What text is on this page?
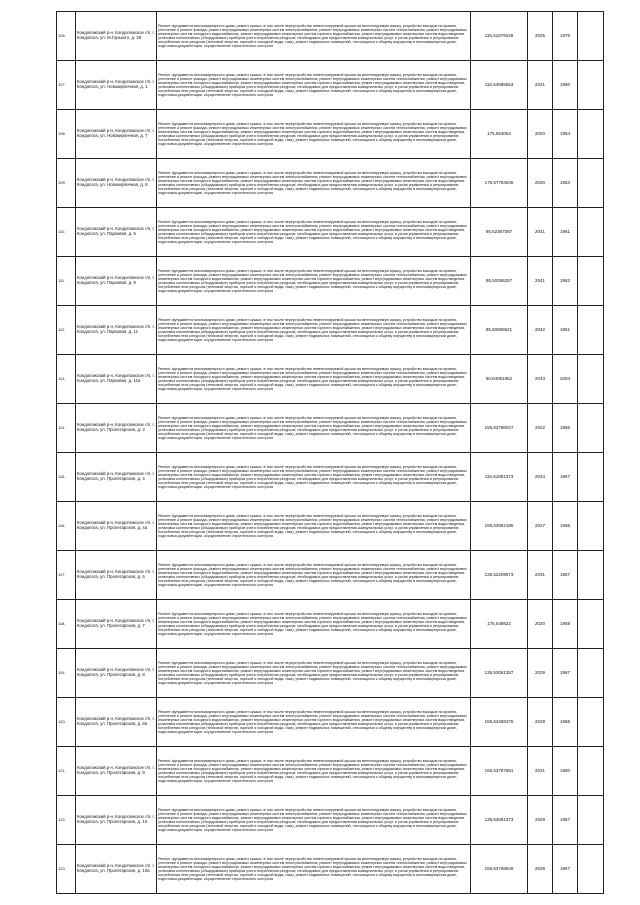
106.	Кондопожский р-н, Кондопожское г/п, г. Кондопога, ул. М.Горького, д. 29	Ремонт фундамента многоквартирного дома, ремонт крыши, в том числе переустройство невентилируемой крыши на вентилируемую крышу, устройство выходов на кровлю, утепление и ремонт фасада, ремонт внутридомовых инженерных систем электроснабжения, ремонт внутридомовых инженерных систем теплоснабжения, ремонт внутридомовых инженерных систем холодного водоснабжения, ремонт внутридомовых инженерных систем горячего водоснабжения, ремонт внутридомовых инженерных систем водоотведения, установка коллективных (общедомовых) приборов учета потребления ресурсов, необходимых для предоставления коммунальных услуг, и узлов управления и регулирования потребления этих ресурсов (тепловой энергии, горячей и холодной воды, газа), ремонт подвальных помещений, относящихся к общему имуществу в многоквартирном доме, подготовка документации, осуществление строительного контроля	115,51579229	2025	1978	
107.	Кондопожский р-н, Кондопожское г/п, г. Кондопога, ул. Новокирпичная, д. 1	Ремонт фундамента многоквартирного дома, ремонт крыши, в том числе переустройство невентилируемой крыши на вентилируемую крышу, устройство выходов на кровлю, утепление и ремонт фасада, ремонт внутридомовых инженерных систем электроснабжения, ремонт внутридомовых инженерных систем теплоснабжения, ремонт внутридомовых инженерных систем холодного водоснабжения, ремонт внутридомовых инженерных систем горячего водоснабжения, ремонт внутридомовых инженерных систем водоотведения, установка коллективных (общедомовых) приборов учета потребления ресурсов, необходимых для предоставления коммунальных услуг, и узлов управления и регулирования потребления этих ресурсов (тепловой энергии, горячей и холодной воды, газа), ремонт подвальных помещений, относящихся к общему имуществу в многоквартирном доме, подготовка документации, осуществление строительного контроля	115,54965553	2021	1960	
108.	Кондопожский р-н, Кондопожское г/п, г. Кондопога, ул. Новокирпичная, д. 7	Ремонт фундамента многоквартирного дома, ремонт крыши, в том числе переустройство невентилируемой крыши на вентилируемую крышу, устройство выходов на кровлю, утепление и ремонт фасада, ремонт внутридомовых инженерных систем электроснабжения, ремонт внутридомовых инженерных систем теплоснабжения, ремонт внутридомовых инженерных систем холодного водоснабжения, ремонт внутридомовых инженерных систем горячего водоснабжения, ремонт внутридомовых инженерных систем водоотведения, установка коллективных (общедомовых) приборов учета потребления ресурсов, необходимых для предоставления коммунальных услуг, и узлов управления и регулирования потребления этих ресурсов (тепловой энергии, горячей и холодной воды, газа), ремонт подвальных помещений, относящихся к общему имуществу в многоквартирном доме, подготовка документации, осуществление строительного контроля	175,554062	2020	1954	
109.	Кондопожский р-н, Кондопожское г/п, г. Кондопога, ул. Новокирпичная, д. 8	Ремонт фундамента многоквартирного дома, ремонт крыши, в том числе переустройство невентилируемой крыши на вентилируемую крышу, устройство выходов на кровлю, утепление и ремонт фасада, ремонт внутридомовых инженерных систем электроснабжения, ремонт внутридомовых инженерных систем теплоснабжения, ремонт внутридомовых инженерных систем холодного водоснабжения, ремонт внутридомовых инженерных систем горячего водоснабжения, ремонт внутридомовых инженерных систем водоотведения, установка коллективных (общедомовых) приборов учета потребления ресурсов, необходимых для предоставления коммунальных услуг, и узлов управления и регулирования потребления этих ресурсов (тепловой энергии, горячей и холодной воды, газа), ремонт подвальных помещений, относящихся к общему имуществу в многоквартирном доме, подготовка документации, осуществление строительного контроля	175,57784649	2020	1953	
110.	Кондопожский р-н, Кондопожское г/п, г. Кондопога, ул. Парковая, д. 5	Ремонт фундамента многоквартирного дома, ремонт крыши, в том числе переустройство невентилируемой крыши на вентилируемую крышу, устройство выходов на кровлю, утепление и ремонт фасада, ремонт внутридомовых инженерных систем электроснабжения, ремонт внутридомовых инженерных систем теплоснабжения, ремонт внутридомовых инженерных систем холодного водоснабжения, ремонт внутридомовых инженерных систем горячего водоснабжения, ремонт внутридомовых инженерных систем водоотведения, установка коллективных (общедомовых) приборов учета потребления ресурсов, необходимых для предоставления коммунальных услуг, и узлов управления и регулирования потребления этих ресурсов (тепловой энергии, горячей и холодной воды, газа), ремонт подвальных помещений, относящихся к общему имуществу в многоквартирном доме, подготовка документации, осуществление строительного контроля	95,52367587	2041	1961	
111.	Кондопожский р-н, Кондопожское г/п, г. Кондопога, ул. Парковая, д. 9	Ремонт фундамента многоквартирного дома, ремонт крыши, в том числе переустройство невентилируемой крыши на вентилируемую крышу, устройство выходов на кровлю, утепление и ремонт фасада, ремонт внутридомовых инженерных систем электроснабжения, ремонт внутридомовых инженерных систем теплоснабжения, ремонт внутридомовых инженерных систем холодного водоснабжения, ремонт внутридомовых инженерных систем горячего водоснабжения, ремонт внутридомовых инженерных систем водоотведения, установка коллективных (общедомовых) приборов учета потребления ресурсов, необходимых для предоставления коммунальных услуг, и узлов управления и регулирования потребления этих ресурсов (тепловой энергии, горячей и холодной воды, газа), ремонт подвальных помещений, относящихся к общему имуществу в многоквартирном доме, подготовка документации, осуществление строительного контроля	95,50356257	2041	1962	
112.	Кондопожский р-н, Кондопожское г/п, г. Кондопога, ул. Парковая, д. 11	Ремонт фундамента многоквартирного дома, ремонт крыши, в том числе переустройство невентилируемой крыши на вентилируемую крышу, устройство выходов на кровлю, утепление и ремонт фасада, ремонт внутридомовых инженерных систем электроснабжения, ремонт внутридомовых инженерных систем теплоснабжения, ремонт внутридомовых инженерных систем холодного водоснабжения, ремонт внутридомовых инженерных систем горячего водоснабжения, ремонт внутридомовых инженерных систем водоотведения, установка коллективных (общедомовых) приборов учета потребления ресурсов, необходимых для предоставления коммунальных услуг, и узлов управления и регулирования потребления этих ресурсов (тепловой энергии, горячей и холодной воды, газа), ремонт подвальных помещений, относящихся к общему имуществу в многоквартирном доме, подготовка документации, осуществление строительного контроля	95,50999621	2042	1961	
113.	Кондопожский р-н, Кондопожское г/п, г. Кондопога, ул. Парковая, д. 11а	Ремонт фундамента многоквартирного дома, ремонт крыши, в том числе переустройство невентилируемой крыши на вентилируемую крышу, устройство выходов на кровлю, утепление и ремонт фасада, ремонт внутридомовых инженерных систем электроснабжения, ремонт внутридомовых инженерных систем теплоснабжения, ремонт внутридомовых инженерных систем холодного водоснабжения, ремонт внутридомовых инженерных систем горячего водоснабжения, ремонт внутридомовых инженерных систем водоотведения, установка коллективных (общедомовых) приборов учета потребления ресурсов, необходимых для предоставления коммунальных услуг, и узлов управления и регулирования потребления этих ресурсов (тепловой энергии, горячей и холодной воды, газа), ремонт подвальных помещений, относящихся к общему имуществу в многоквартирном доме, подготовка документации, осуществление строительного контроля	50,64061862	2043	2004	
114.	Кондопожский р-н, Кондопожское г/п, г. Кондопога, ул. Пролетарская, д. 3	Ремонт фундамента многоквартирного дома, ремонт крыши, в том числе переустройство невентилируемой крыши на вентилируемую крышу, устройство выходов на кровлю, утепление и ремонт фасада, ремонт внутридомовых инженерных систем электроснабжения, ремонт внутридомовых инженерных систем теплоснабжения, ремонт внутридомовых инженерных систем холодного водоснабжения, ремонт внутридомовых инженерных систем горячего водоснабжения, ремонт внутридомовых инженерных систем водоотведения, установка коллективных (общедомовых) приборов учета потребления ресурсов, необходимых для предоставления коммунальных услуг, и узлов управления и регулирования потребления этих ресурсов (тепловой энергии, горячей и холодной воды, газа), ремонт подвальных помещений, относящихся к общему имуществу в многоквартирном доме, подготовка документации, осуществление строительного контроля	155,53786027	2022	1956	
115.	Кондопожский р-н, Кондопожское г/п, г. Кондопога, ул. Пролетарская, д. 4	Ремонт фундамента многоквартирного дома, ремонт крыши, в том числе переустройство невентилируемой крыши на вентилируемую крышу, устройство выходов на кровлю, утепление и ремонт фасада, ремонт внутридомовых инженерных систем электроснабжения, ремонт внутридомовых инженерных систем теплоснабжения, ремонт внутридомовых инженерных систем холодного водоснабжения, ремонт внутридомовых инженерных систем горячего водоснабжения, ремонт внутридомовых инженерных систем водоотведения, установка коллективных (общедомовых) приборов учета потребления ресурсов, необходимых для предоставления коммунальных услуг, и узлов управления и регулирования потребления этих ресурсов (тепловой энергии, горячей и холодной воды, газа), ремонт подвальных помещений, относящихся к общему имуществу в многоквартирном доме, подготовка документации, осуществление строительного контроля	115,61881373	2034	1967	
116.	Кондопожский р-н, Кондопожское г/п, г. Кондопога, ул. Пролетарская, д. 4а	Ремонт фундамента многоквартирного дома, ремонт крыши, в том числе переустройство невентилируемой крыши на вентилируемую крышу, устройство выходов на кровлю, утепление и ремонт фасада, ремонт внутридомовых инженерных систем электроснабжения, ремонт внутридомовых инженерных систем теплоснабжения, ремонт внутридомовых инженерных систем холодного водоснабжения, ремонт внутридомовых инженерных систем горячего водоснабжения, ремонт внутридомовых инженерных систем водоотведения, установка коллективных (общедомовых) приборов учета потребления ресурсов, необходимых для предоставления коммунальных услуг, и узлов управления и регулирования потребления этих ресурсов (тепловой энергии, горячей и холодной воды, газа), ремонт подвальных помещений, относящихся к общему имуществу в многоквартирном доме, подготовка документации, осуществление строительного контроля	155,53962185	2027	1966	
117.	Кондопожский р-н, Кондопожское г/п, г. Кондопога, ул. Пролетарская, д. 6	Ремонт фундамента многоквартирного дома, ремонт крыши, в том числе переустройство невентилируемой крыши на вентилируемую крышу, устройство выходов на кровлю, утепление и ремонт фасада, ремонт внутридомовых инженерных систем электроснабжения, ремонт внутридомовых инженерных систем теплоснабжения, ремонт внутридомовых инженерных систем холодного водоснабжения, ремонт внутридомовых инженерных систем горячего водоснабжения, ремонт внутридомовых инженерных систем водоотведения, установка коллективных (общедомовых) приборов учета потребления ресурсов, необходимых для предоставления коммунальных услуг, и узлов управления и регулирования потребления этих ресурсов (тепловой энергии, горячей и холодной воды, газа), ремонт подвальных помещений, относящихся к общему имуществу в многоквартирном доме, подготовка документации, осуществление строительного контроля	135,52209973	2031	1967	
118.	Кондопожский р-н, Кондопожское г/п, г. Кондопога, ул. Пролетарская, д. 7	Ремонт фундамента многоквартирного дома, ремонт крыши, в том числе переустройство невентилируемой крыши на вентилируемую крышу, устройство выходов на кровлю, утепление и ремонт фасада, ремонт внутридомовых инженерных систем электроснабжения, ремонт внутридомовых инженерных систем теплоснабжения, ремонт внутридомовых инженерных систем холодного водоснабжения, ремонт внутридомовых инженерных систем горячего водоснабжения, ремонт внутридомовых инженерных систем водоотведения, установка коллективных (общедомовых) приборов учета потребления ресурсов, необходимых для предоставления коммунальных услуг, и узлов управления и регулирования потребления этих ресурсов (тепловой энергии, горячей и холодной воды, газа), ремонт подвальных помещений, относящихся к общему имуществу в многоквартирном доме, подготовка документации, осуществление строительного контроля	175,549822	2020	1959	
119.	Кондопожский р-н, Кондопожское г/п, г. Кондопога, ул. Пролетарская, д. 8	Ремонт фундамента многоквартирного дома, ремонт крыши, в том числе переустройство невентилируемой крыши на вентилируемую крышу, устройство выходов на кровлю, утепление и ремонт фасада, ремонт внутридомовых инженерных систем электроснабжения, ремонт внутридомовых инженерных систем теплоснабжения, ремонт внутридомовых инженерных систем холодного водоснабжения, ремонт внутридомовых инженерных систем горячего водоснабжения, ремонт внутридомовых инженерных систем водоотведения, установка коллективных (общедомовых) приборов учета потребления ресурсов, необходимых для предоставления коммунальных услуг, и узлов управления и регулирования потребления этих ресурсов (тепловой энергии, горячей и холодной воды, газа), ремонт подвальных помещений, относящихся к общему имуществу в многоквартирном доме, подготовка документации, осуществление строительного контроля	135,53061357	2029	1967	
120.	Кондопожский р-н, Кондопожское г/п, г. Кондопога, ул. Пролетарская, д. 8а	Ремонт фундамента многоквартирного дома, ремонт крыши, в том числе переустройство невентилируемой крыши на вентилируемую крышу, устройство выходов на кровлю, утепление и ремонт фасада, ремонт внутридомовых инженерных систем электроснабжения, ремонт внутридомовых инженерных систем теплоснабжения, ремонт внутридомовых инженерных систем холодного водоснабжения, ремонт внутридомовых инженерных систем горячего водоснабжения, ремонт внутридомовых инженерных систем водоотведения, установка коллективных (общедомовых) приборов учета потребления ресурсов, необходимых для предоставления коммунальных услуг, и узлов управления и регулирования потребления этих ресурсов (тепловой энергии, горячей и холодной воды, газа), ремонт подвальных помещений, относящихся к общему имуществу в многоквартирном доме, подготовка документации, осуществление строительного контроля	155,53468476	2028	1968	
121.	Кондопожский р-н, Кондопожское г/п, г. Кондопога, ул. Пролетарская, д. 9	Ремонт фундамента многоквартирного дома, ремонт крыши, в том числе переустройство невентилируемой крыши на вентилируемую крышу, устройство выходов на кровлю, утепление и ремонт фасада, ремонт внутридомовых инженерных систем электроснабжения, ремонт внутридомовых инженерных систем теплоснабжения, ремонт внутридомовых инженерных систем холодного водоснабжения, ремонт внутридомовых инженерных систем горячего водоснабжения, ремонт внутридомовых инженерных систем водоотведения, установка коллективных (общедомовых) приборов учета потребления ресурсов, необходимых для предоставления коммунальных услуг, и узлов управления и регулирования потребления этих ресурсов (тепловой энергии, горячей и холодной воды, газа), ремонт подвальных помещений, относящихся к общему имуществу в многоквартирном доме, подготовка документации, осуществление строительного контроля	155,53787881	2021	1960	
122.	Кондопожский р-н, Кондопожское г/п, г. Кондопога, ул. Пролетарская, д. 10	Ремонт фундамента многоквартирного дома, ремонт крыши, в том числе переустройство невентилируемой крыши на вентилируемую крышу, устройство выходов на кровлю, утепление и ремонт фасада, ремонт внутридомовых инженерных систем электроснабжения, ремонт внутридомовых инженерных систем теплоснабжения, ремонт внутридомовых инженерных систем холодного водоснабжения, ремонт внутридомовых инженерных систем горячего водоснабжения, ремонт внутридомовых инженерных систем водоотведения, установка коллективных (общедомовых) приборов учета потребления ресурсов, необходимых для предоставления коммунальных услуг, и узлов управления и регулирования потребления этих ресурсов (тепловой энергии, горячей и холодной воды, газа), ремонт подвальных помещений, относящихся к общему имуществу в многоквартирном доме, подготовка документации, осуществление строительного контроля	135,53081373	2029	1967	
123.	Кондопожский р-н, Кондопожское г/п, г. Кондопога, ул. Пролетарская, д. 10а	Ремонт фундамента многоквартирного дома, ремонт крыши, в том числе переустройство невентилируемой крыши на вентилируемую крышу, устройство выходов на кровлю, утепление и ремонт фасада, ремонт внутридомовых инженерных систем электроснабжения, ремонт внутридомовых инженерных систем теплоснабжения, ремонт внутридомовых инженерных систем холодного водоснабжения, ремонт внутридомовых инженерных систем горячего водоснабжения, ремонт внутридомовых инженерных систем водоотведения, установка коллективных (общедомовых) приборов учета потребления ресурсов, необходимых для предоставления коммунальных услуг, и узлов управления и регулирования потребления этих ресурсов (тепловой энергии, горячей и холодной воды, газа), ремонт подвальных помещений, относящихся к общему имуществу в многоквартирном доме, подготовка документации, осуществление строительного контроля	155,53768649	2028	1967	
